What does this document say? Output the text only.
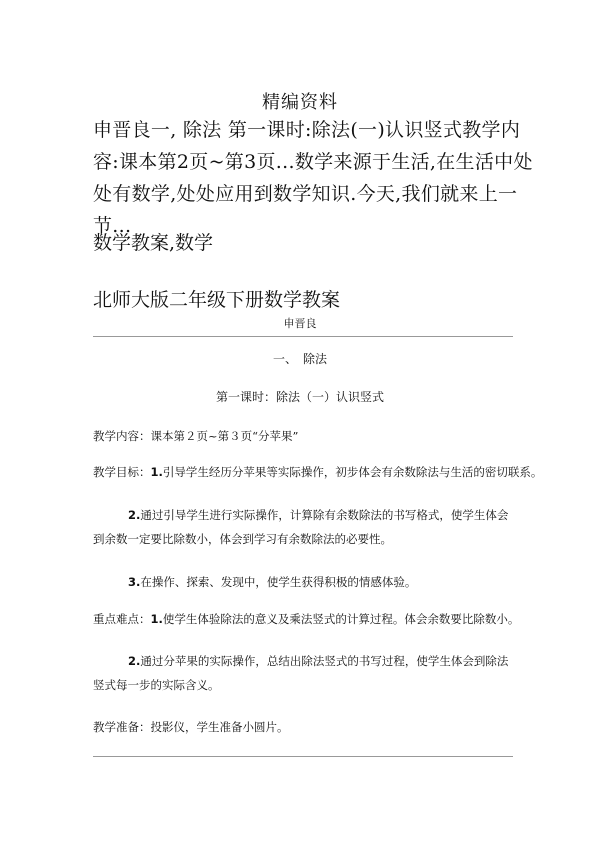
精编资料
申晋良一, 除法 第一课时:除法(一)认识竖式教学内容:课本第2页~第3页...数学来源于生活,在生活中处处有数学,处处应用到数学知识.今天,我们就来上一节...
数学教案,数学
北师大版二年级下册数学教案
申晋良
一、　除法
第一课时：除法（一）认识竖式
教学内容：课本第２页~第３页“分苹果”
教学目标：1.引导学生经历分苹果等实际操作，初步体会有余数除法与生活的密切联系。
2.通过引导学生进行实际操作，计算除有余数除法的书写格式，使学生体会到余数一定要比除数小，体会到学习有余数除法的必要性。
3.在操作、探索、发现中，使学生获得积极的情感体验。
重点难点：1.使学生体验除法的意义及乘法竖式的计算过程。体会余数要比除数小。
2.通过分苹果的实际操作，总结出除法竖式的书写过程，使学生体会到除法竖式每一步的实际含义。
教学准备：投影仪，学生准备小圆片。
